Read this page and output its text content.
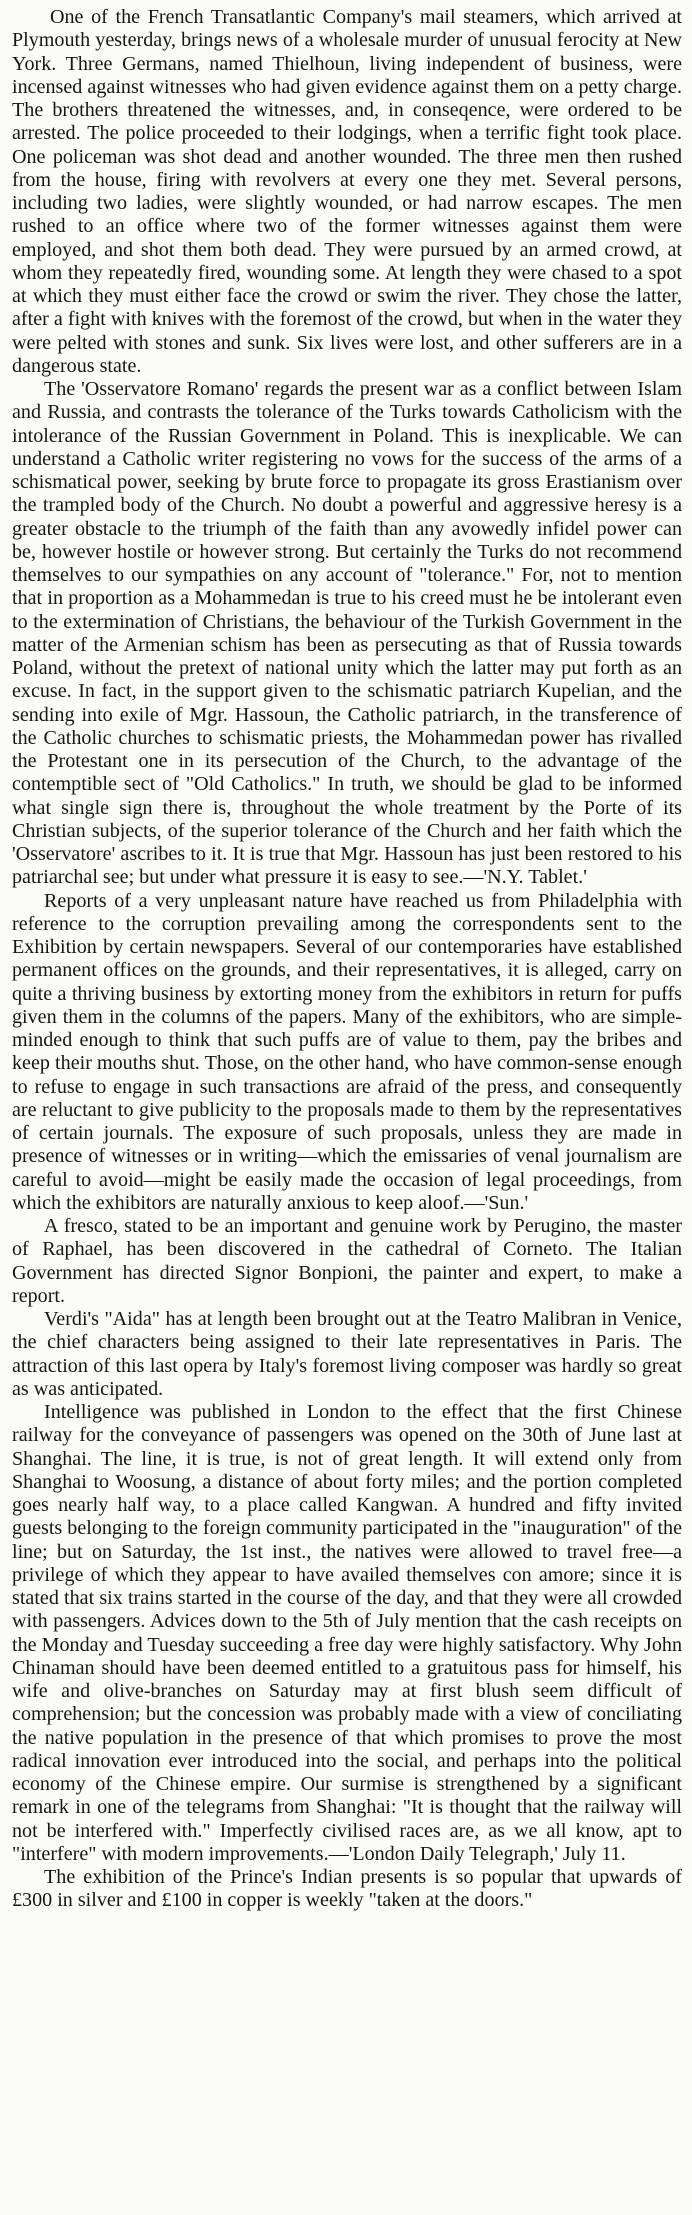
One of the French Transatlantic Company's mail steamers, which arrived at Plymouth yesterday, brings news of a wholesale murder of unusual ferocity at New York. Three Germans, named Thielhoun, living independent of business, were incensed against witnesses who had given evidence against them on a petty charge. The brothers threatened the witnesses, and, in conseqence, were ordered to be arrested. The police proceeded to their lodgings, when a terrific fight took place. One policeman was shot dead and another wounded. The three men then rushed from the house, firing with revolvers at every one they met. Several persons, including two ladies, were slightly wounded, or had narrow escapes. The men rushed to an office where two of the former witnesses against them were employed, and shot them both dead. They were pursued by an armed crowd, at whom they repeatedly fired, wounding some. At length they were chased to a spot at which they must either face the crowd or swim the river. They chose the latter, after a fight with knives with the foremost of the crowd, but when in the water they were pelted with stones and sunk. Six lives were lost, and other sufferers are in a dangerous state.

The 'Osservatore Romano' regards the present war as a conflict between Islam and Russia, and contrasts the tolerance of the Turks towards Catholicism with the intolerance of the Russian Government in Poland. This is inexplicable. We can understand a Catholic writer registering no vows for the success of the arms of a schismatical power, seeking by brute force to propagate its gross Erastianism over the trampled body of the Church. No doubt a powerful and aggressive heresy is a greater obstacle to the triumph of the faith than any avowedly infidel power can be, however hostile or however strong. But certainly the Turks do not recommend themselves to our sympathies on any account of "tolerance." For, not to mention that in proportion as a Mohammedan is true to his creed must he be intolerant even to the extermination of Christians, the behaviour of the Turkish Government in the matter of the Armenian schism has been as persecuting as that of Russia towards Poland, without the pretext of national unity which the latter may put forth as an excuse. In fact, in the support given to the schismatic patriarch Kupelian, and the sending into exile of Mgr. Hassoun, the Catholic patriarch, in the transference of the Catholic churches to schismatic priests, the Mohammedan power has rivalled the Protestant one in its persecution of the Church, to the advantage of the contemptible sect of "Old Catholics." In truth, we should be glad to be informed what single sign there is, throughout the whole treatment by the Porte of its Christian subjects, of the superior tolerance of the Church and her faith which the 'Osservatore' ascribes to it. It is true that Mgr. Hassoun has just been restored to his patriarchal see; but under what pressure it is easy to see.—'N.Y. Tablet.'

Reports of a very unpleasant nature have reached us from Philadelphia with reference to the corruption prevailing among the correspondents sent to the Exhibition by certain newspapers. Several of our contemporaries have established permanent offices on the grounds, and their representatives, it is alleged, carry on quite a thriving business by extorting money from the exhibitors in return for puffs given them in the columns of the papers. Many of the exhibitors, who are simple-minded enough to think that such puffs are of value to them, pay the bribes and keep their mouths shut. Those, on the other hand, who have common-sense enough to refuse to engage in such transactions are afraid of the press, and consequently are reluctant to give publicity to the proposals made to them by the representatives of certain journals. The exposure of such proposals, unless they are made in presence of witnesses or in writing—which the emissaries of venal journalism are careful to avoid—might be easily made the occasion of legal proceedings, from which the exhibitors are naturally anxious to keep aloof.—'Sun.'

A fresco, stated to be an important and genuine work by Perugino, the master of Raphael, has been discovered in the cathedral of Corneto. The Italian Government has directed Signor Bonpioni, the painter and expert, to make a report.

Verdi's "Aida" has at length been brought out at the Teatro Malibran in Venice, the chief characters being assigned to their late representatives in Paris. The attraction of this last opera by Italy's foremost living composer was hardly so great as was anticipated.

Intelligence was published in London to the effect that the first Chinese railway for the conveyance of passengers was opened on the 30th of June last at Shanghai. The line, it is true, is not of great length. It will extend only from Shanghai to Woosung, a distance of about forty miles; and the portion completed goes nearly half way, to a place called Kangwan. A hundred and fifty invited guests belonging to the foreign community participated in the "inauguration" of the line; but on Saturday, the 1st inst., the natives were allowed to travel free—a privilege of which they appear to have availed themselves con amore; since it is stated that six trains started in the course of the day, and that they were all crowded with passengers. Advices down to the 5th of July mention that the cash receipts on the Monday and Tuesday succeeding a free day were highly satisfactory. Why John Chinaman should have been deemed entitled to a gratuitous pass for himself, his wife and olive-branches on Saturday may at first blush seem difficult of comprehension; but the concession was probably made with a view of conciliating the native population in the presence of that which promises to prove the most radical innovation ever introduced into the social, and perhaps into the political economy of the Chinese empire. Our surmise is strengthened by a significant remark in one of the telegrams from Shanghai: "It is thought that the railway will not be interfered with." Imperfectly civilised races are, as we all know, apt to "interfere" with modern improvements.—'London Daily Telegraph,' July 11.

The exhibition of the Prince's Indian presents is so popular that upwards of £300 in silver and £100 in copper is weekly "taken at the doors."
